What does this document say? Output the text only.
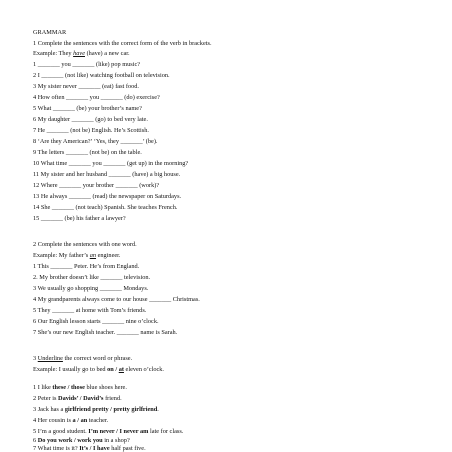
GRAMMAR
1 Complete the sentences with the correct form of the verb in brackets.
Example: They have (have) a new car.
1 _______ you _______ (like) pop music?
2 I _______ (not like) watching football on television.
3 My sister never _______ (eat) fast food.
4 How often _______ you _______ (do) exercise?
5 What _______ (be) your brother’s name?
6 My daughter _______ (go) to bed very late.
7 He _______ (not be) English. He’s Scottish.
8 ‘Are they American?’ ‘Yes, they _______’ (be).
9 The letters _______ (not be) on the table.
10 What time _______ you _______ (get up) in the morning?
11 My sister and her husband _______ (have) a big house.
12 Where _______ your brother _______ (work)?
13 He always _______ (read) the newspaper on Saturdays.
14 She _______ (not teach) Spanish. She teaches French.
15 _______ (be) his father a lawyer?
2 Complete the sentences with one word.
Example: My father’s an engineer.
1 This _______ Peter. He’s from England.
2. My brother doesn’t like _______ television.
3 We usually go shopping _______ Mondays.
4 My grandparents always come to our house _______ Christmas.
5 They _______ at home with Tom’s friends.
6 Our English lesson starts _______ nine o’clock.
7 She’s our new English teacher. _______ name is Sarah.
3 Underline the correct word or phrase.
Example: I usually go to bed on / at eleven o’clock.
1 I like these / those blue shoes here.
2 Peter is Davids’ / David’s friend.
3 Jack has a girlfriend pretty / pretty girlfriend.
4 Her cousin is a / an teacher.
5 I’m a good student. I’m never / I never am late for class.
6 Do you work / work you in a shop?
7 What time is it? It’s / I have half past five.
